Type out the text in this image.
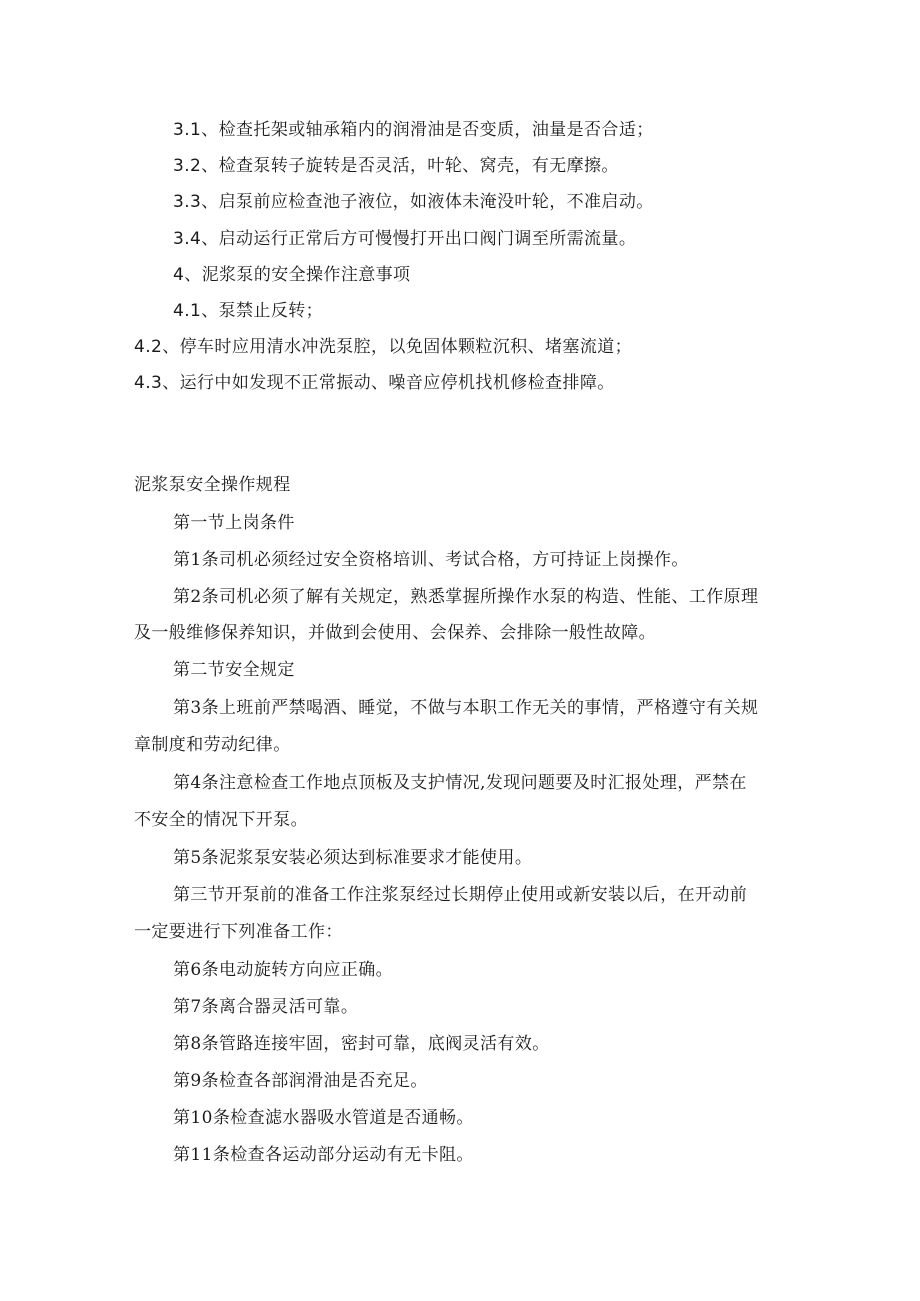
3.1、检查托架或轴承箱内的润滑油是否变质，油量是否合适；

3.2、检查泵转子旋转是否灵活，叶轮、窝壳，有无摩擦。

3.3、启泵前应检查池子液位，如液体未淹没叶轮，不准启动。

3.4、启动运行正常后方可慢慢打开出口阀门调至所需流量。

4、泥浆泵的安全操作注意事项

4.1、泵禁止反转；

4.2、停车时应用清水冲洗泵腔，以免固体颗粒沉积、堵塞流道；

4.3、运行中如发现不正常振动、噪音应停机找机修检查排障。

泥浆泵安全操作规程

第一节上岗条件

第1条司机必须经过安全资格培训、考试合格，方可持证上岗操作。

第2条司机必须了解有关规定，熟悉掌握所操作水泵的构造、性能、工作原理

及一般维修保养知识，并做到会使用、会保养、会排除一般性故障。

第二节安全规定

第3条上班前严禁喝酒、睡觉，不做与本职工作无关的事情，严格遵守有关规

章制度和劳动纪律。

第4条注意检查工作地点顶板及支护情况,发现问题要及时汇报处理，严禁在

不安全的情况下开泵。

第5条泥浆泵安装必须达到标准要求才能使用。

第三节开泵前的准备工作注浆泵经过长期停止使用或新安装以后，在开动前

一定要进行下列准备工作：

第6条电动旋转方向应正确。

第7条离合器灵活可靠。

第8条管路连接牢固，密封可靠，底阀灵活有效。

第9条检查各部润滑油是否充足。

第10条检查滤水器吸水管道是否通畅。

第11条检查各运动部分运动有无卡阻。
